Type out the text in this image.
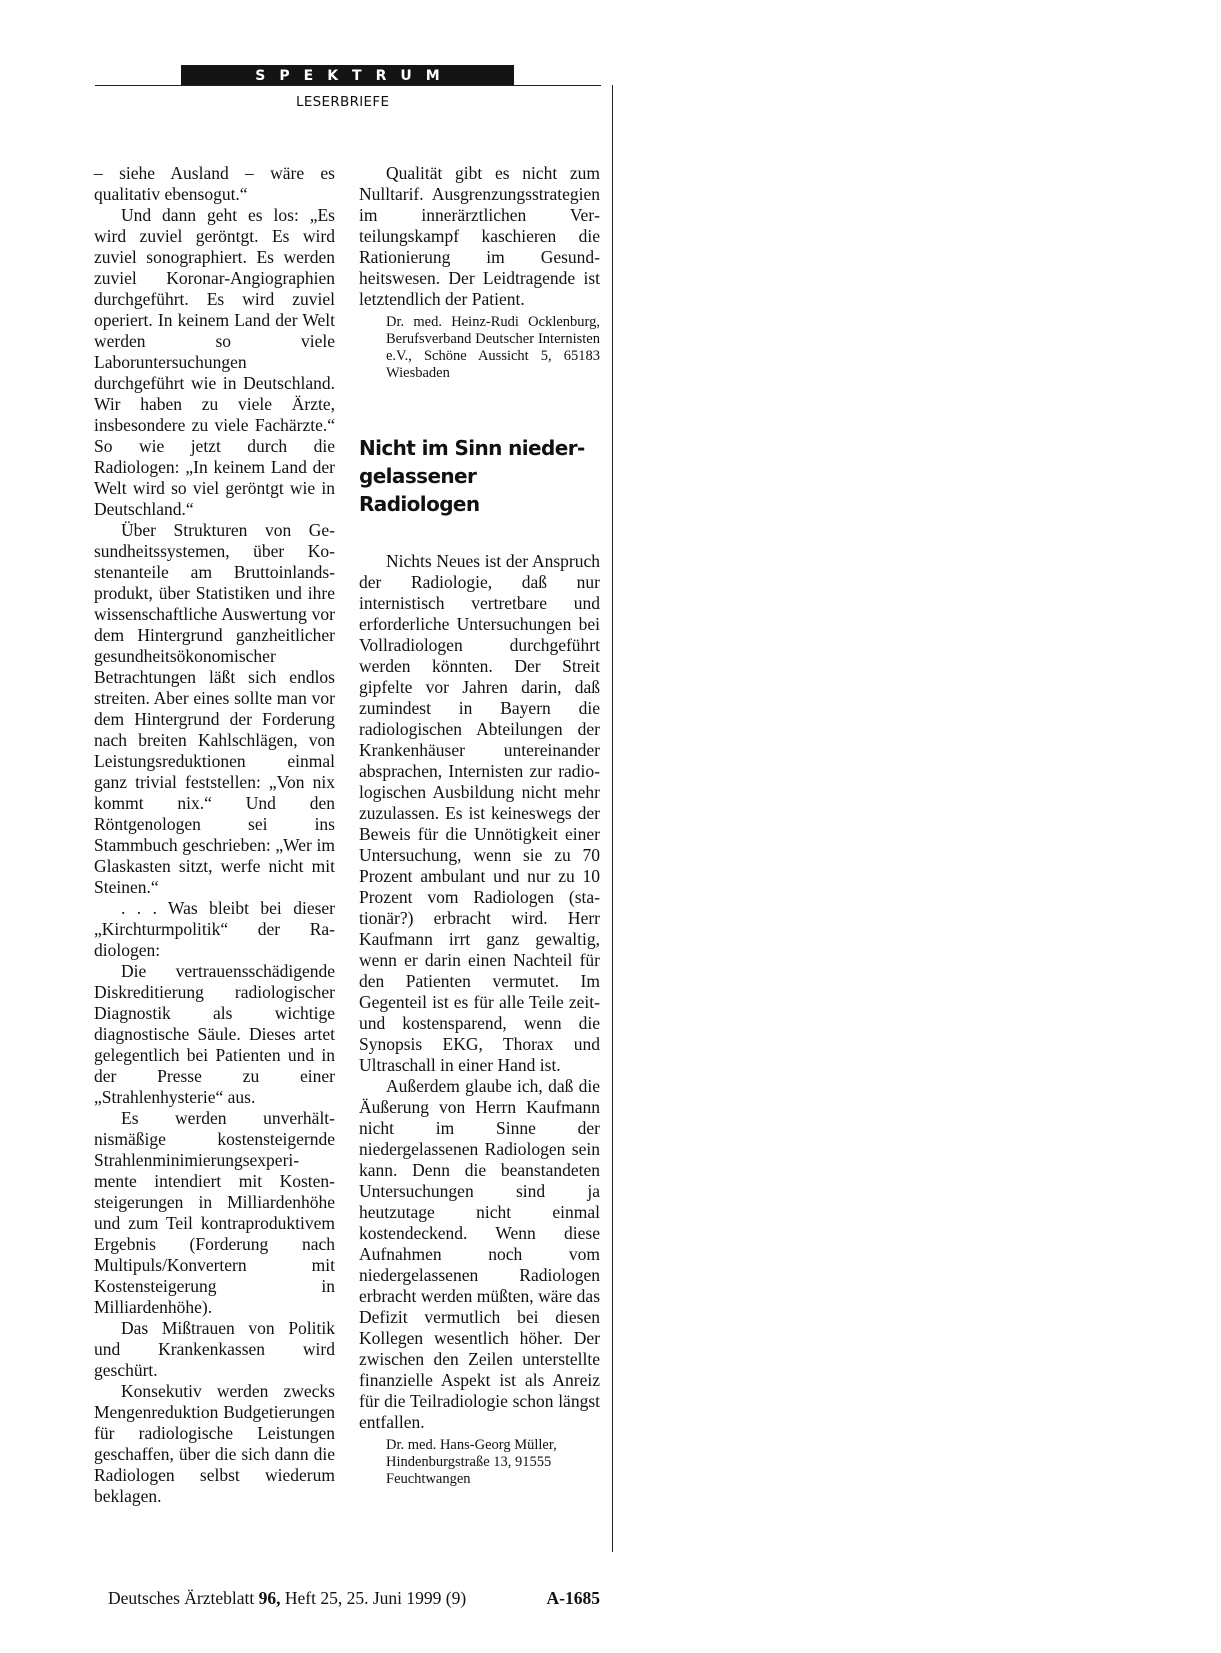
SPEKTRUM
LESERBRIEFE

– siehe Ausland – wäre es qualitativ ebensogut.“

Und dann geht es los: „Es wird zuviel geröntgt. Es wird zuviel sonographiert. Es werden zuviel Koronar-Angiographien durchgeführt. Es wird zuviel operiert. In keinem Land der Welt werden so viele Laboruntersuchungen durchgeführt wie in Deutschland. Wir haben zu viele Ärzte, insbesondere zu viele Fachärzte.“ So wie jetzt durch die Radiologen: „In keinem Land der Welt wird so viel geröntgt wie in Deutschland.“

Über Strukturen von Gesundheitssystemen, über Kostenanteile am Bruttoinlandsprodukt, über Statistiken und ihre wissenschaftliche Auswertung vor dem Hintergrund ganzheitlicher gesundheitsökonomischer Betrachtungen läßt sich endlos streiten. Aber eines sollte man vor dem Hintergrund der Forderung nach breiten Kahlschlägen, von Leistungsreduktionen einmal ganz trivial feststellen: „Von nix kommt nix.“ Und den Röntgenologen sei ins Stammbuch geschrieben: „Wer im Glaskasten sitzt, werfe nicht mit Steinen.“

. . . Was bleibt bei dieser „Kirchturmpolitik“ der Radiologen:

Die vertrauensschädigende Diskreditierung radiologischer Diagnostik als wichtige diagnostische Säule. Dieses artet gelegentlich bei Patienten und in der Presse zu einer „Strahlenhysterie“ aus.

Es werden unverhältnismäßige kostensteigernde Strahlenminimierungsexperimente intendiert mit Kostensteigerungen in Milliardenhöhe und zum Teil kontraproduktivem Ergebnis (Forderung nach Multipuls/Konvertern mit Kostensteigerung in Milliardenhöhe).

Das Mißtrauen von Politik und Krankenkassen wird geschürt.

Konsekutiv werden zwecks Mengenreduktion Budgetierungen für radiologische Leistungen geschaffen, über die sich dann die Radiologen selbst wiederum beklagen.

Qualität gibt es nicht zum Nulltarif. Ausgrenzungsstrategien im innerärztlichen Verteilungskampf kaschieren die Rationierung im Gesundheitswesen. Der Leidtragende ist letztendlich der Patient.

Dr. med. Heinz-Rudi Ocklenburg, Berufsverband Deutscher Internisten e.V., Schöne Aussicht 5, 65183 Wiesbaden
Nicht im Sinn nieder-
gelassener Radiologen

Nichts Neues ist der Anspruch der Radiologie, daß nur internistisch vertretbare und erforderliche Untersuchungen bei Vollradiologen durchgeführt werden könnten. Der Streit gipfelte vor Jahren darin, daß zumindest in Bayern die radiologischen Abteilungen der Krankenhäuser untereinander absprachen, Internisten zur radiologischen Ausbildung nicht mehr zuzulassen. Es ist keineswegs der Beweis für die Unnötigkeit einer Untersuchung, wenn sie zu 70 Prozent ambulant und nur zu 10 Prozent vom Radiologen (stationär?) erbracht wird. Herr Kaufmann irrt ganz gewaltig, wenn er darin einen Nachteil für den Patienten vermutet. Im Gegenteil ist es für alle Teile zeit- und kostensparend, wenn die Synopsis EKG, Thorax und Ultraschall in einer Hand ist.

Außerdem glaube ich, daß die Äußerung von Herrn Kaufmann nicht im Sinne der niedergelassenen Radiologen sein kann. Denn die beanstandeten Untersuchungen sind ja heutzutage nicht einmal kostendeckend. Wenn diese Aufnahmen noch vom niedergelassenen Radiologen erbracht werden müßten, wäre das Defizit vermutlich bei diesen Kollegen wesentlich höher. Der zwischen den Zeilen unterstellte finanzielle Aspekt ist als Anreiz für die Teilradiologie schon längst entfallen.

Dr. med. Hans-Georg Müller,
Hindenburgstraße 13, 91555
Feuchtwangen
Deutsches Ärzteblatt 96, Heft 25, 25. Juni 1999 (9)	A-1685
